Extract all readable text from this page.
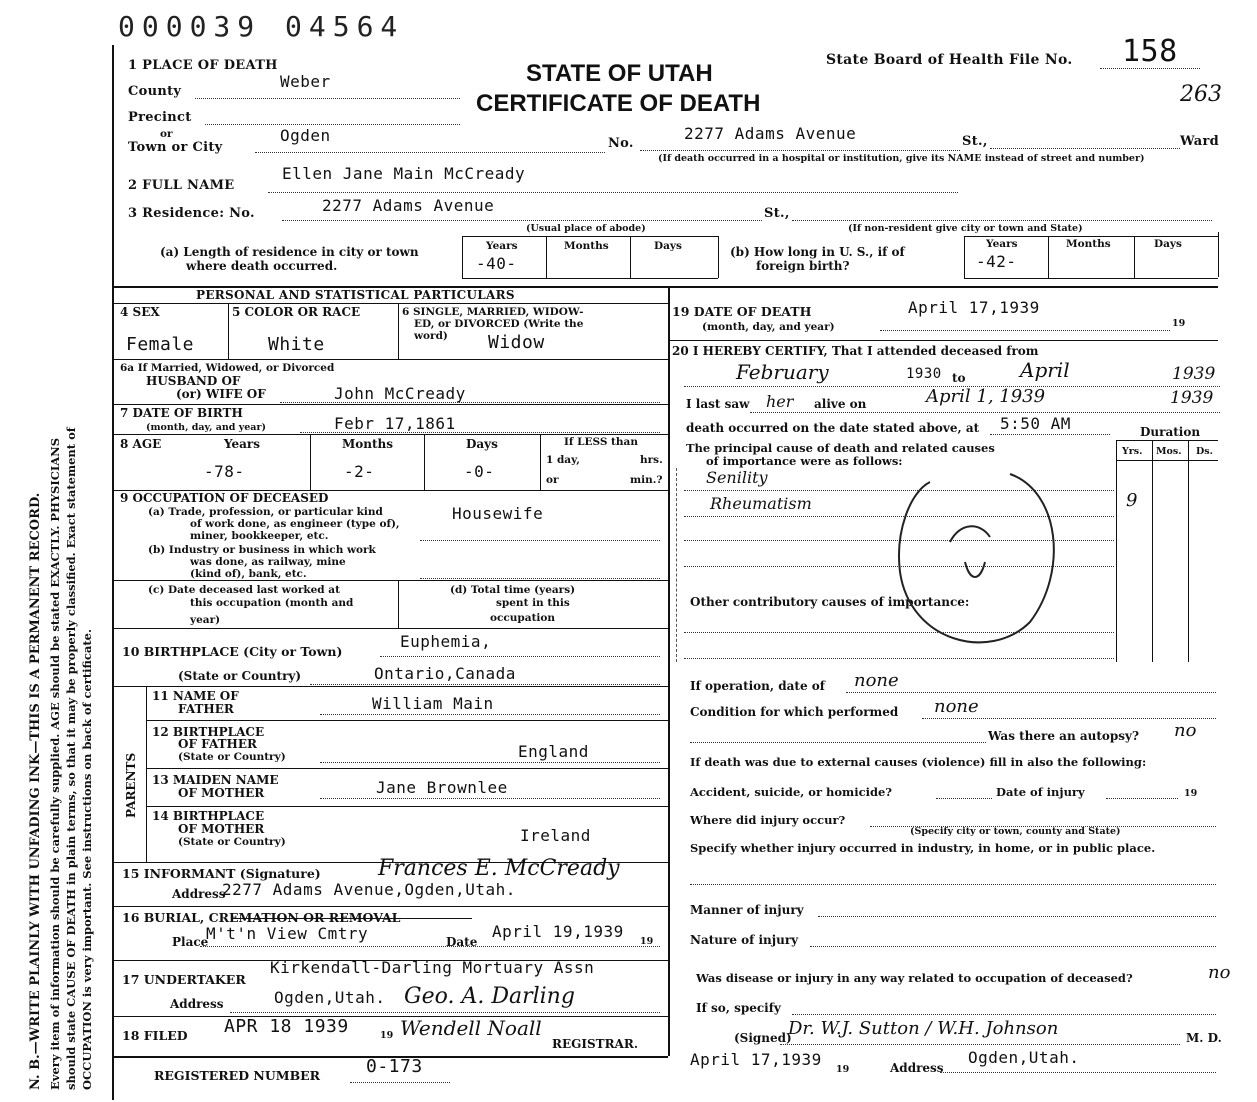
N. B.—WRITE PLAINLY WITH UNFADING INK—THIS IS A PERMANENT RECORD. Every item of information should be carefully supplied. AGE should be stated EXACTLY. PHYSICIANS should state CAUSE OF DEATH in plain terms, so that it may be properly classified. Exact statement of OCCUPATION is very important. See instructions on back of certificate.
000039 04564
State Board of Health File No. 158
263
STATE OF UTAH
CERTIFICATE OF DEATH
1 PLACE OF DEATH
County
Weber
Precinct
or
Town or City
Ogden	No.
2277 Adams Avenue	St.,	Ward
(If death occurred in a hospital or institution, give its NAME instead of street and number)
2 FULL NAME
Ellen Jane Main McCready
3 Residence: No.	2277 Adams Avenue	St.,
(Usual place of abode)	(If non-resident give city or town and State)
(a) Length of residence in city or town
where death occurred.
Years	Months	Days
-40-
(b) How long in U. S., if of
foreign birth?
Years	Months	Days
-42-
PERSONAL AND STATISTICAL PARTICULARS
4 SEX
Female
5 COLOR OR RACE
White
6 SINGLE, MARRIED, WIDOW-
ED, or DIVORCED (Write the
word) Widow
6a If Married, Widowed, or Divorced
HUSBAND OF
(or) WIFE OF	John McCready
7 DATE OF BIRTH
(month, day, and year)	Febr 17,1861
8 AGE	Years	Months	Days
-78-	-2-	-0-
If LESS than
1 day,	hrs.
or	min.?
9 OCCUPATION OF DECEASED
(a) Trade, profession, or particular kind
of work done, as engineer (type of),
miner, bookkeeper, etc.
Housewife
(b) Industry or business in which work
was done, as railway, mine
(kind of), bank, etc.
(c) Date deceased last worked at
this occupation (month and
year)
(d) Total time (years)
spent in this
occupation
10 BIRTHPLACE (City or Town)
Euphemia,
(State or Country)	Ontario,Canada
PARENTS
11 NAME OF
FATHER	William Main
12 BIRTHPLACE
OF FATHER
(State or Country)	England
13 MAIDEN NAME
OF MOTHER	Jane Brownlee
14 BIRTHPLACE
OF MOTHER
(State or Country)	Ireland
15 INFORMANT (Signature)	Frances E. McCready
Address
2277 Adams Avenue,Ogden,Utah.
16 BURIAL, CREMATION OR REMOVAL
Place
M't'n View Cmtry	Date
April 19,1939
19
17 UNDERTAKER
Kirkendall-Darling Mortuary Assn
Address	Ogden,Utah. Geo. A. Darling
18 FILED APR 18 1939	19 Wendell Noall
REGISTRAR.
REGISTERED NUMBER	0-173
19 DATE OF DEATH
(month, day, and year)
April 17,1939
19
20 I HEREBY CERTIFY, That I attended deceased from
February	1930 to	April	1939
I last saw her alive on	April 1, 1939	1939
death occurred on the date stated above, at 5:50 AM	Duration
The principal cause of death and related causes
of importance were as follows:
Yrs. Mos. Ds.
Senility
Rheumatism	9
Other contributory causes of importance:
If operation, date of none
Condition for which performed none
Was there an autopsy? no
If death was due to external causes (violence) fill in also the following:
Accident, suicide, or homicide?	Date of injury	19
Where did injury occur?
(Specify city or town, county and State)
Specify whether injury occurred in industry, in home, or in public place.
Manner of injury
Nature of injury
Was disease or injury in any way related to occupation of deceased?	no
If so, specify
(Signed)
Dr. W.J. Sutton / W.H. Johnson	M. D.
April 17,1939
19	Address
Ogden,Utah.
